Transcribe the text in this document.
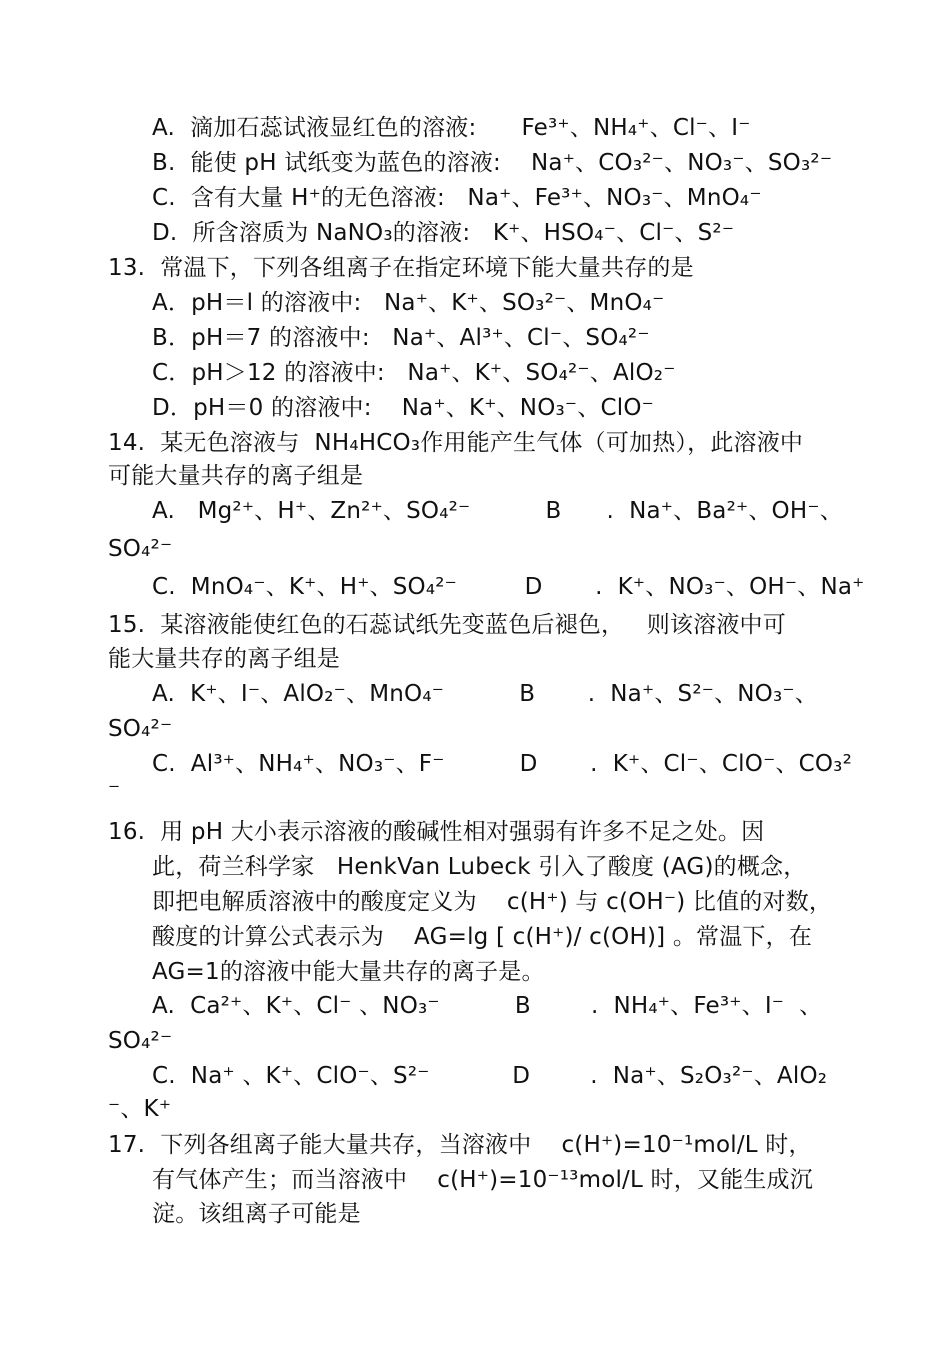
A.  滴加石蕊试液显红色的溶液:      Fe³⁺、NH₄⁺、Cl⁻、I⁻
B.  能使 pH 试纸变为蓝色的溶液:    Na⁺、CO₃²⁻、NO₃⁻、SO₃²⁻
C.  含有大量 H⁺的无色溶液:   Na⁺、Fe³⁺、NO₃⁻、MnO₄⁻
D.  所含溶质为 NaNO₃的溶液:   K⁺、HSO₄⁻、Cl⁻、S²⁻
13.  常温下，下列各组离子在指定环境下能大量共存的是
A．pH＝l 的溶液中:   Na⁺、K⁺、SO₃²⁻、MnO₄⁻
B．pH＝7 的溶液中:   Na⁺、Al³⁺、Cl⁻、SO₄²⁻
C．pH＞12 的溶液中:   Na⁺、K⁺、SO₄²⁻、AlO₂⁻
D．pH＝0 的溶液中:    Na⁺、K⁺、NO₃⁻、ClO⁻
14.  某无色溶液与  NH₄HCO₃作用能产生气体（可加热），此溶液中
可能大量共存的离子组是
A.   Mg²⁺、H⁺、Zn²⁺、SO₄²⁻          B      .  Na⁺、Ba²⁺、OH⁻、
SO₄²⁻
C.  MnO₄⁻、K⁺、H⁺、SO₄²⁻         D       .  K⁺、NO₃⁻、OH⁻、Na⁺
15.  某溶液能使红色的石蕊试纸先变蓝色后褪色，   则该溶液中可
能大量共存的离子组是
A.  K⁺、I⁻、AlO₂⁻、MnO₄⁻          B       .  Na⁺、S²⁻、NO₃⁻、
SO₄²⁻
C.  Al³⁺、NH₄⁺、NO₃⁻、F⁻          D       .  K⁺、Cl⁻、ClO⁻、CO₃²
⁻
16.  用 pH 大小表示溶液的酸碱性相对强弱有许多不足之处。因
此，荷兰科学家   HenkVan Lubeck 引入了酸度 (AG)的概念，
即把电解质溶液中的酸度定义为    c(H⁺) 与 c(OH⁻) 比值的对数，
酸度的计算公式表示为    AG=lg [ c(H⁺)/ c(OH)] 。常温下，在
AG=1的溶液中能大量共存的离子是。
A.  Ca²⁺、K⁺、Cl⁻ 、NO₃⁻          B        .  NH₄⁺、Fe³⁺、I⁻  、
SO₄²⁻
C.  Na⁺ 、K⁺、ClO⁻、S²⁻           D        .  Na⁺、S₂O₃²⁻、AlO₂
⁻、K⁺
17.  下列各组离子能大量共存，当溶液中    c(H⁺)=10⁻¹mol/L 时，
有气体产生；而当溶液中    c(H⁺)=10⁻¹³mol/L 时，又能生成沉
淀。该组离子可能是
